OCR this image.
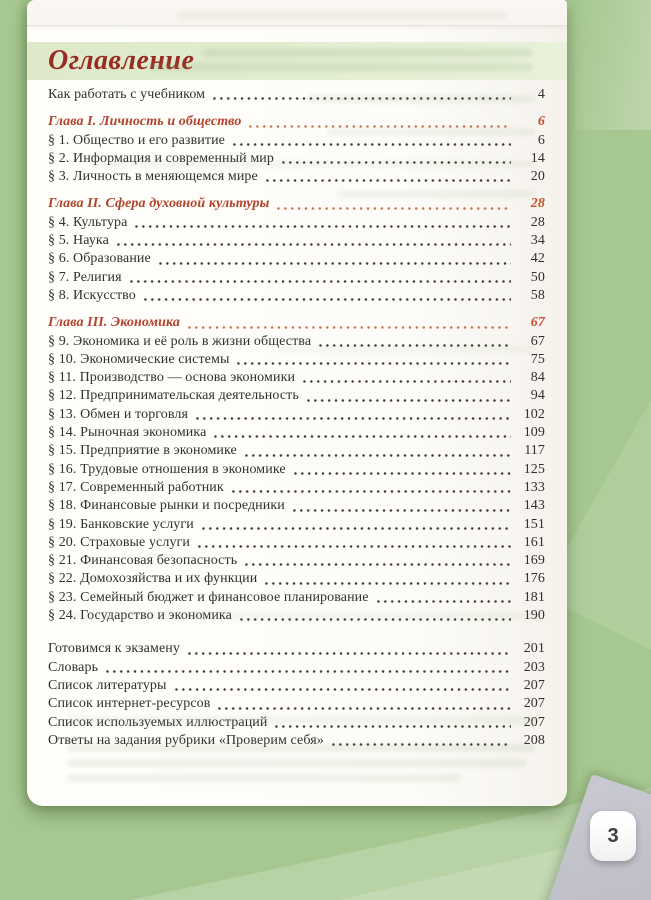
3
Оглавление
Как работать с учебником	4
Глава I. Личность и общество	6
§ 1. Общество и его развитие	6
§ 2. Информация и современный мир	14
§ 3. Личность в меняющемся мире	20
Глава II. Сфера духовной культуры	28
§ 4. Культура	28
§ 5. Наука	34
§ 6. Образование	42
§ 7. Религия	50
§ 8. Искусство	58
Глава III. Экономика	67
§ 9. Экономика и её роль в жизни общества	67
§ 10. Экономические системы	75
§ 11. Производство — основа экономики	84
§ 12. Предпринимательская деятельность	94
§ 13. Обмен и торговля	102
§ 14. Рыночная экономика	109
§ 15. Предприятие в экономике	117
§ 16. Трудовые отношения в экономике	125
§ 17. Современный работник	133
§ 18. Финансовые рынки и посредники	143
§ 19. Банковские услуги	151
§ 20. Страховые услуги	161
§ 21. Финансовая безопасность	169
§ 22. Домохозяйства и их функции	176
§ 23. Семейный бюджет и финансовое планирование	181
§ 24. Государство и экономика	190
Готовимся к экзамену	201
Словарь	203
Список литературы	207
Список интернет-ресурсов	207
Список используемых иллюстраций	207
Ответы на задания рубрики «Проверим себя»	208
